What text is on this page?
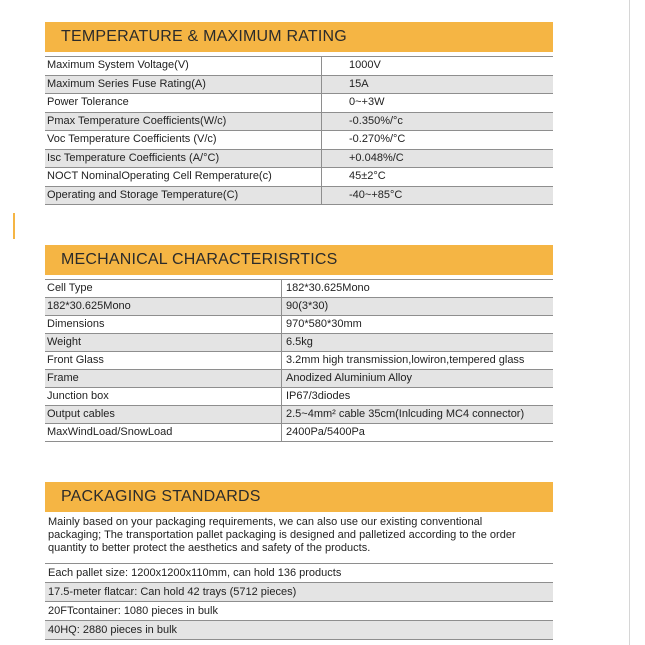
TEMPERATURE & MAXIMUM RATING
Maximum System Voltage(V)	1000V
Maximum Series Fuse Rating(A)	15A
Power Tolerance	0~+3W
Pmax Temperature Coefficients(W/c)	-0.350%/°c
Voc Temperature Coefficients (V/c)	-0.270%/°C
Isc Temperature Coefficients (A/°C)	+0.048%/C
NOCT NominalOperating Cell Remperature(c)	45±2°C
Operating and Storage Temperature(C)	-40~+85°C
MECHANICAL CHARACTERISRTICS
Cell Type	182*30.625Mono
182*30.625Mono	90(3*30)
Dimensions	970*580*30mm
Weight	6.5kg
Front Glass	3.2mm high transmission,lowiron,tempered glass
Frame	Anodized Aluminium Alloy
Junction box	IP67/3diodes
Output cables	2.5~4mm² cable 35cm(Inlcuding MC4 connector)
MaxWindLoad/SnowLoad	2400Pa/5400Pa
PACKAGING STANDARDS
Mainly based on your packaging requirements, we can also use our existing conventional
packaging; The transportation pallet packaging is designed and palletized according to the order
quantity to better protect the aesthetics and safety of the products.
Each pallet size: 1200x1200x110mm, can hold 136 products
17.5-meter flatcar: Can hold 42 trays (5712 pieces)
20FTcontainer: 1080 pieces in bulk
40HQ: 2880 pieces in bulk
